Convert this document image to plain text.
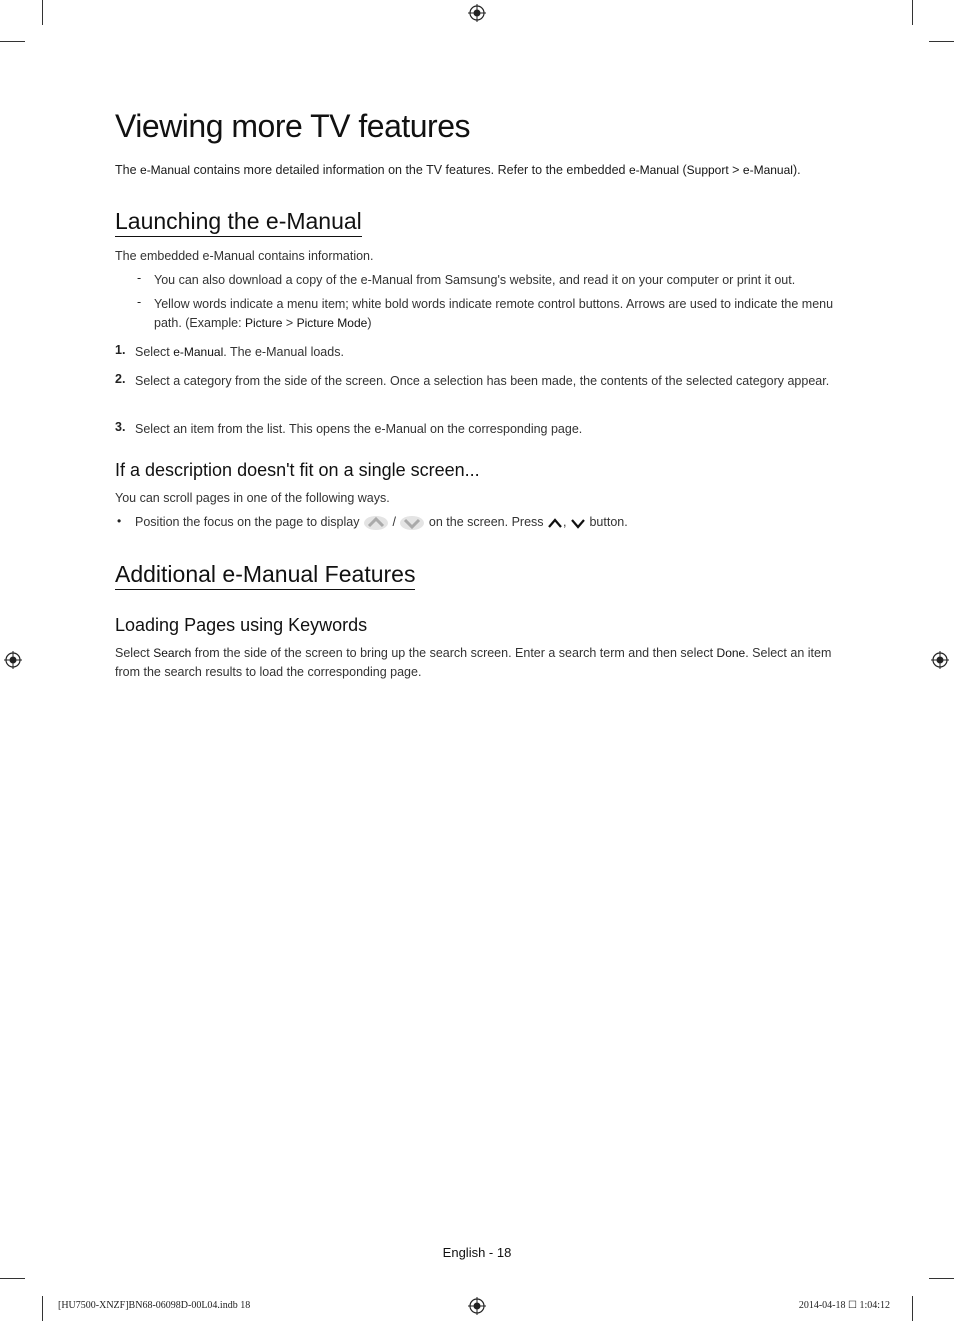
Viewing more TV features
The e-Manual contains more detailed information on the TV features. Refer to the embedded e-Manual (Support > e-Manual).
Launching the e-Manual
The embedded e-Manual contains information.
- You can also download a copy of the e-Manual from Samsung's website, and read it on your computer or print it out.
- Yellow words indicate a menu item; white bold words indicate remote control buttons. Arrows are used to indicate the menu path. (Example: Picture > Picture Mode)
1. Select e-Manual. The e-Manual loads.
2. Select a category from the side of the screen. Once a selection has been made, the contents of the selected category appear.
3. Select an item from the list. This opens the e-Manual on the corresponding page.
If a description doesn't fit on a single screen...
You can scroll pages in one of the following ways.
• Position the focus on the page to display	/	on the screen. Press , button.
Additional e-Manual Features
Loading Pages using Keywords
Select Search from the side of the screen to bring up the search screen. Enter a search term and then select Done. Select an item from the search results to load the corresponding page.
English - 18
[HU7500-XNZF]BN68-06098D-00L04.indb 18	2014-04-18 ☐ 1:04:12
